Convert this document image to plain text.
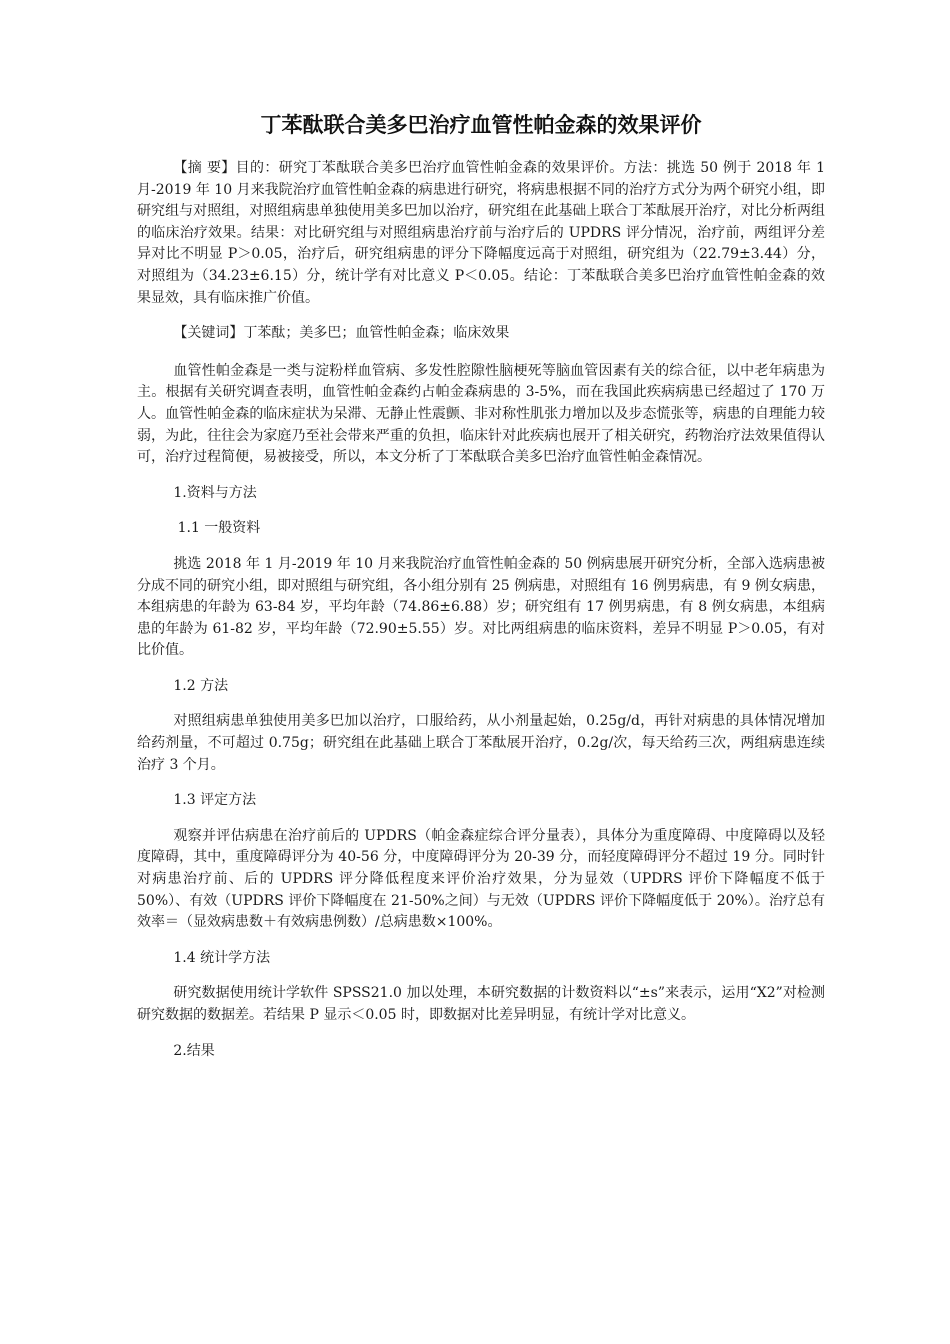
丁苯酞联合美多巴治疗血管性帕金森的效果评价

【摘 要】目的：研究丁苯酞联合美多巴治疗血管性帕金森的效果评价。方法：挑选 50 例于 2018 年 1 月-2019 年 10 月来我院治疗血管性帕金森的病患进行研究，将病患根据不同的治疗方式分为两个研究小组，即研究组与对照组，对照组病患单独使用美多巴加以治疗，研究组在此基础上联合丁苯酞展开治疗，对比分析两组的临床治疗效果。结果：对比研究组与对照组病患治疗前与治疗后的 UPDRS 评分情况，治疗前，两组评分差异对比不明显 P＞0.05，治疗后，研究组病患的评分下降幅度远高于对照组，研究组为（22.79±3.44）分，对照组为（34.23±6.15）分，统计学有对比意义 P＜0.05。结论：丁苯酞联合美多巴治疗血管性帕金森的效果显效，具有临床推广价值。

【关键词】丁苯酞；美多巴；血管性帕金森；临床效果

血管性帕金森是一类与淀粉样血管病、多发性腔隙性脑梗死等脑血管因素有关的综合征，以中老年病患为主。根据有关研究调查表明，血管性帕金森约占帕金森病患的 3-5%，而在我国此疾病病患已经超过了 170 万人。血管性帕金森的临床症状为呆滞、无静止性震颤、非对称性肌张力增加以及步态慌张等，病患的自理能力较弱，为此，往往会为家庭乃至社会带来严重的负担，临床针对此疾病也展开了相关研究，药物治疗法效果值得认可，治疗过程简便，易被接受，所以，本文分析了丁苯酞联合美多巴治疗血管性帕金森情况。

1.资料与方法
1.1 一般资料

挑选 2018 年 1 月-2019 年 10 月来我院治疗血管性帕金森的 50 例病患展开研究分析，全部入选病患被分成不同的研究小组，即对照组与研究组，各小组分别有 25 例病患，对照组有 16 例男病患，有 9 例女病患，本组病患的年龄为 63-84 岁，平均年龄（74.86±6.88）岁；研究组有 17 例男病患，有 8 例女病患，本组病患的年龄为 61-82 岁，平均年龄（72.90±5.55）岁。对比两组病患的临床资料，差异不明显 P＞0.05，有对比价值。

1.2 方法

对照组病患单独使用美多巴加以治疗，口服给药，从小剂量起始，0.25g/d，再针对病患的具体情况增加给药剂量，不可超过 0.75g；研究组在此基础上联合丁苯酞展开治疗，0.2g/次，每天给药三次，两组病患连续治疗 3 个月。

1.3 评定方法

观察并评估病患在治疗前后的 UPDRS（帕金森症综合评分量表），具体分为重度障碍、中度障碍以及轻度障碍，其中，重度障碍评分为 40-56 分，中度障碍评分为 20-39 分，而轻度障碍评分不超过 19 分。同时针对病患治疗前、后的 UPDRS 评分降低程度来评价治疗效果，分为显效（UPDRS 评价下降幅度不低于 50%）、有效（UPDRS 评价下降幅度在 21-50%之间）与无效（UPDRS 评价下降幅度低于 20%）。治疗总有效率＝（显效病患数＋有效病患例数）/总病患数×100%。

1.4 统计学方法

研究数据使用统计学软件 SPSS21.0 加以处理，本研究数据的计数资料以“±s”来表示，运用“X2”对检测研究数据的数据差。若结果 P 显示＜0.05 时，即数据对比差异明显，有统计学对比意义。

2.结果
